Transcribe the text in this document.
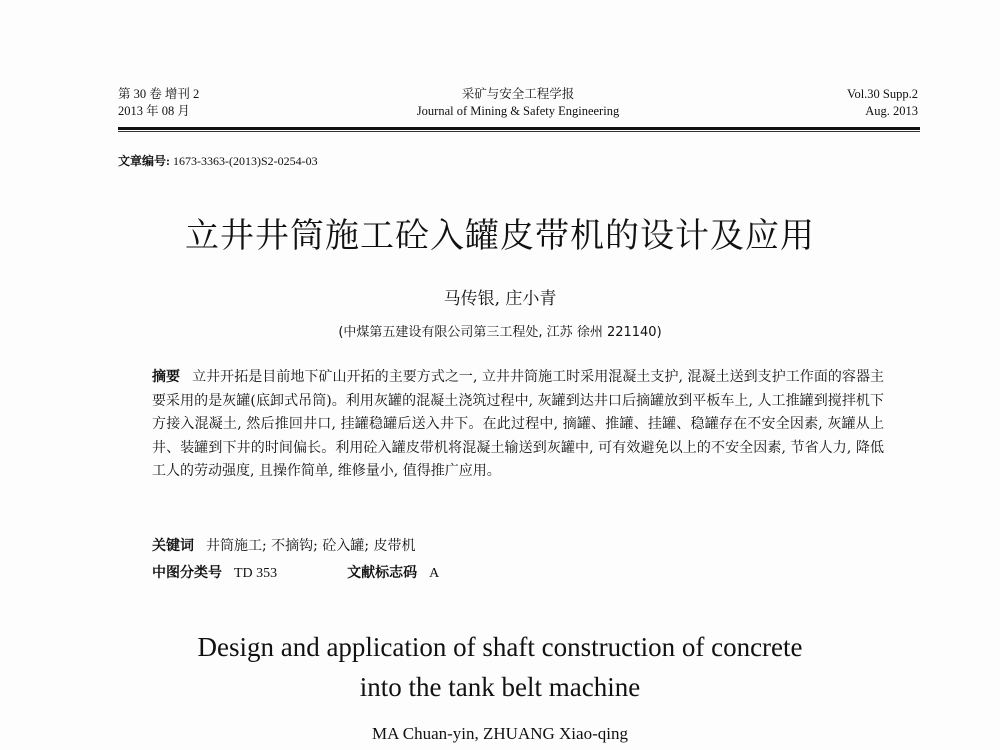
第 30 卷 增刊 2
2013 年 08 月
采矿与安全工程学报
Journal of Mining & Safety Engineering
Vol.30 Supp.2
Aug. 2013
文章编号: 1673-3363-(2013)S2-0254-03
立井井筒施工砼入罐皮带机的设计及应用
马传银, 庄小青
(中煤第五建设有限公司第三工程处, 江苏 徐州 221140)
摘要 立井开拓是目前地下矿山开拓的主要方式之一, 立井井筒施工时采用混凝土支护, 混凝土送到支护工作面的容器主要采用的是灰罐(底卸式吊筒)。利用灰罐的混凝土浇筑过程中, 灰罐到达井口后摘罐放到平板车上, 人工推罐到搅拌机下方接入混凝土, 然后推回井口, 挂罐稳罐后送入井下。在此过程中, 摘罐、推罐、挂罐、稳罐存在不安全因素, 灰罐从上井、装罐到下井的时间偏长。利用砼入罐皮带机将混凝土输送到灰罐中, 可有效避免以上的不安全因素, 节省人力, 降低工人的劳动强度, 且操作简单, 维修量小, 值得推广应用。
关键词 井筒施工; 不摘钩; 砼入罐; 皮带机
中图分类号 TD 353	文献标志码 A
Design and application of shaft construction of concrete
into the tank belt machine
MA Chuan-yin, ZHUANG Xiao-qing
